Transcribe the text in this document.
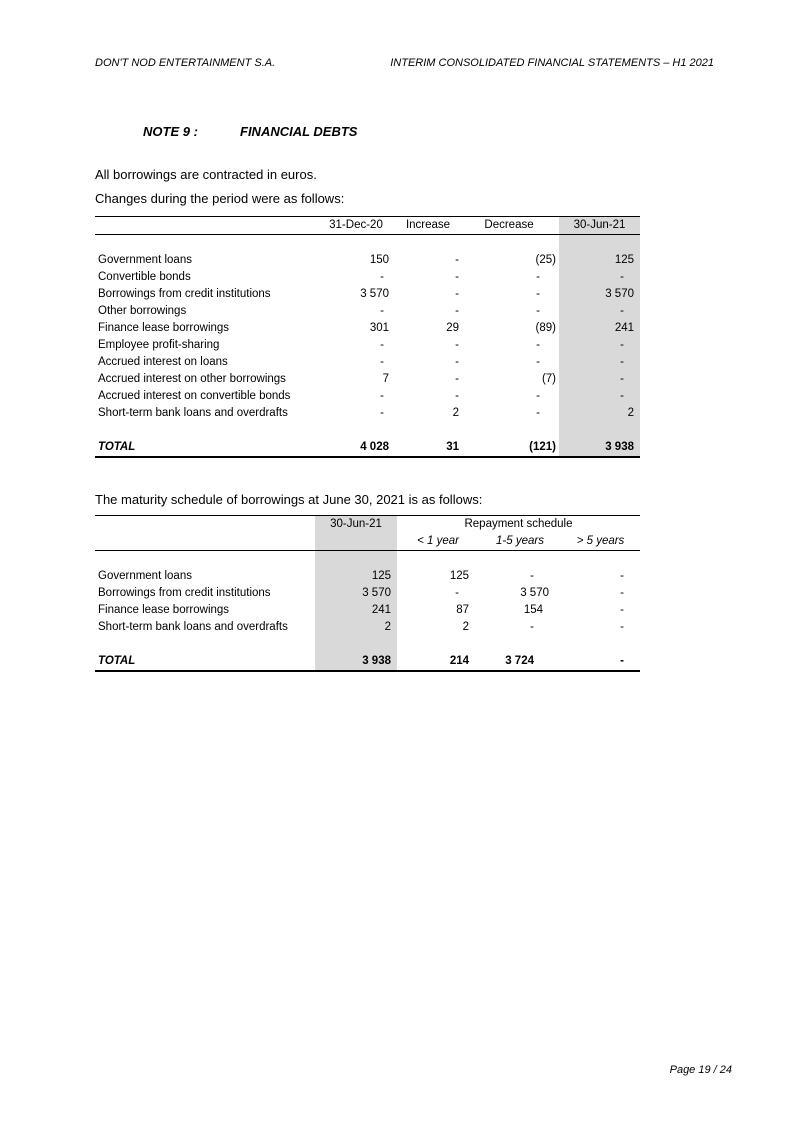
DON'T NOD ENTERTAINMENT S.A.	INTERIM CONSOLIDATED FINANCIAL STATEMENTS – H1 2021
NOTE 9 :	FINANCIAL DEBTS
All borrowings are contracted in euros.
Changes during the period were as follows:
	31-Dec-20	Increase	Decrease	30-Jun-21

Government loans	150	-	(25)	125
Convertible bonds	-	-	-	-
Borrowings from credit institutions	3 570	-	-	3 570
Other borrowings	-	-	-	-
Finance lease borrowings	301	29	(89)	241
Employee profit-sharing	-	-	-	-
Accrued interest on loans	-	-	-	-
Accrued interest on other borrowings	7	-	(7)	-
Accrued interest on convertible bonds	-	-	-	-
Short-term bank loans and overdrafts	-	2	-	2

TOTAL	4 028	31	(121)	3 938
The maturity schedule of borrowings at June 30, 2021 is as follows:
	30-Jun-21	Repayment schedule		
		< 1 year	1-5 years	> 5 years

Government loans	125	125	-	-
Borrowings from credit institutions	3 570	-	3 570	-
Finance lease borrowings	241	87	154	-
Short-term bank loans and overdrafts	2	2	-	-

TOTAL	3 938	214	3 724	-
Page 19 / 24
